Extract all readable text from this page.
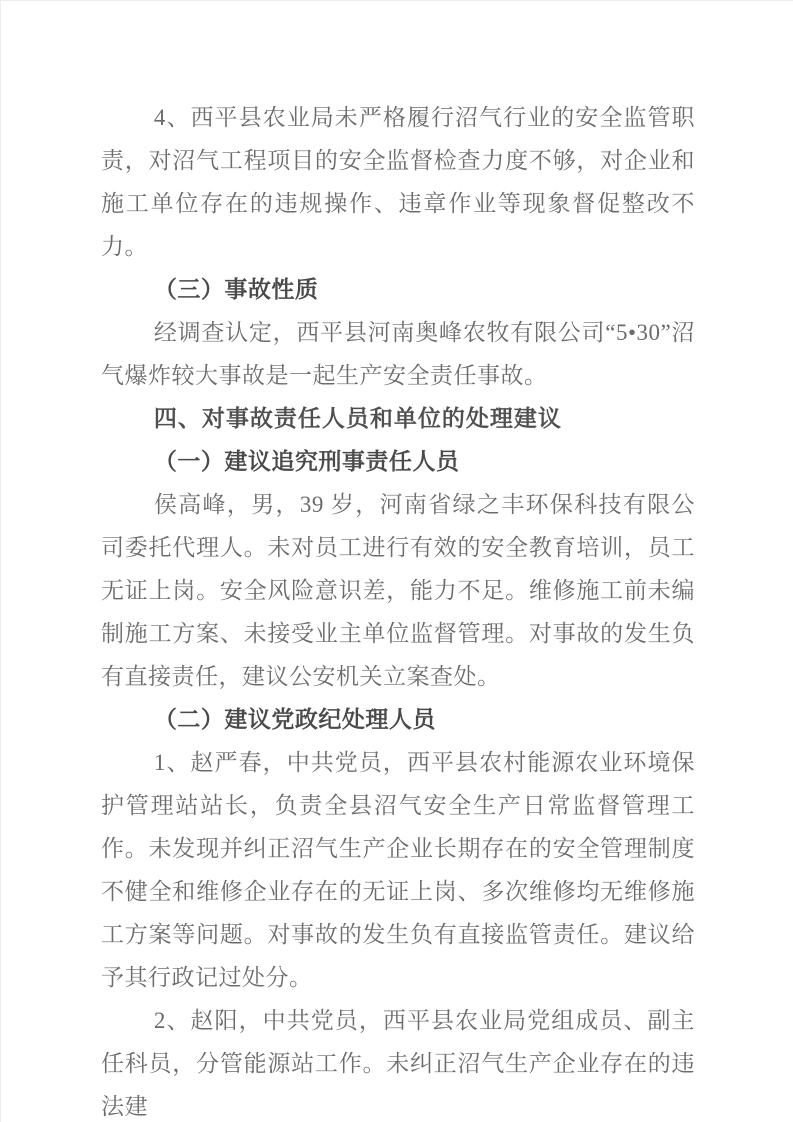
4、西平县农业局未严格履行沼气行业的安全监管职责，对沼气工程项目的安全监督检查力度不够，对企业和施工单位存在的违规操作、违章作业等现象督促整改不力。

（三）事故性质

经调查认定，西平县河南奥峰农牧有限公司“5•30”沼气爆炸较大事故是一起生产安全责任事故。

四、对事故责任人员和单位的处理建议
（一）建议追究刑事责任人员

侯高峰，男，39 岁，河南省绿之丰环保科技有限公司委托代理人。未对员工进行有效的安全教育培训，员工无证上岗。安全风险意识差，能力不足。维修施工前未编制施工方案、未接受业主单位监督管理。对事故的发生负有直接责任，建议公安机关立案查处。

（二）建议党政纪处理人员

1、赵严春，中共党员，西平县农村能源农业环境保护管理站站长，负责全县沼气安全生产日常监督管理工作。未发现并纠正沼气生产企业长期存在的安全管理制度不健全和维修企业存在的无证上岗、多次维修均无维修施工方案等问题。对事故的发生负有直接监管责任。建议给予其行政记过处分。

2、赵阳，中共党员，西平县农业局党组成员、副主任科员，分管能源站工作。未纠正沼气生产企业存在的违法建
